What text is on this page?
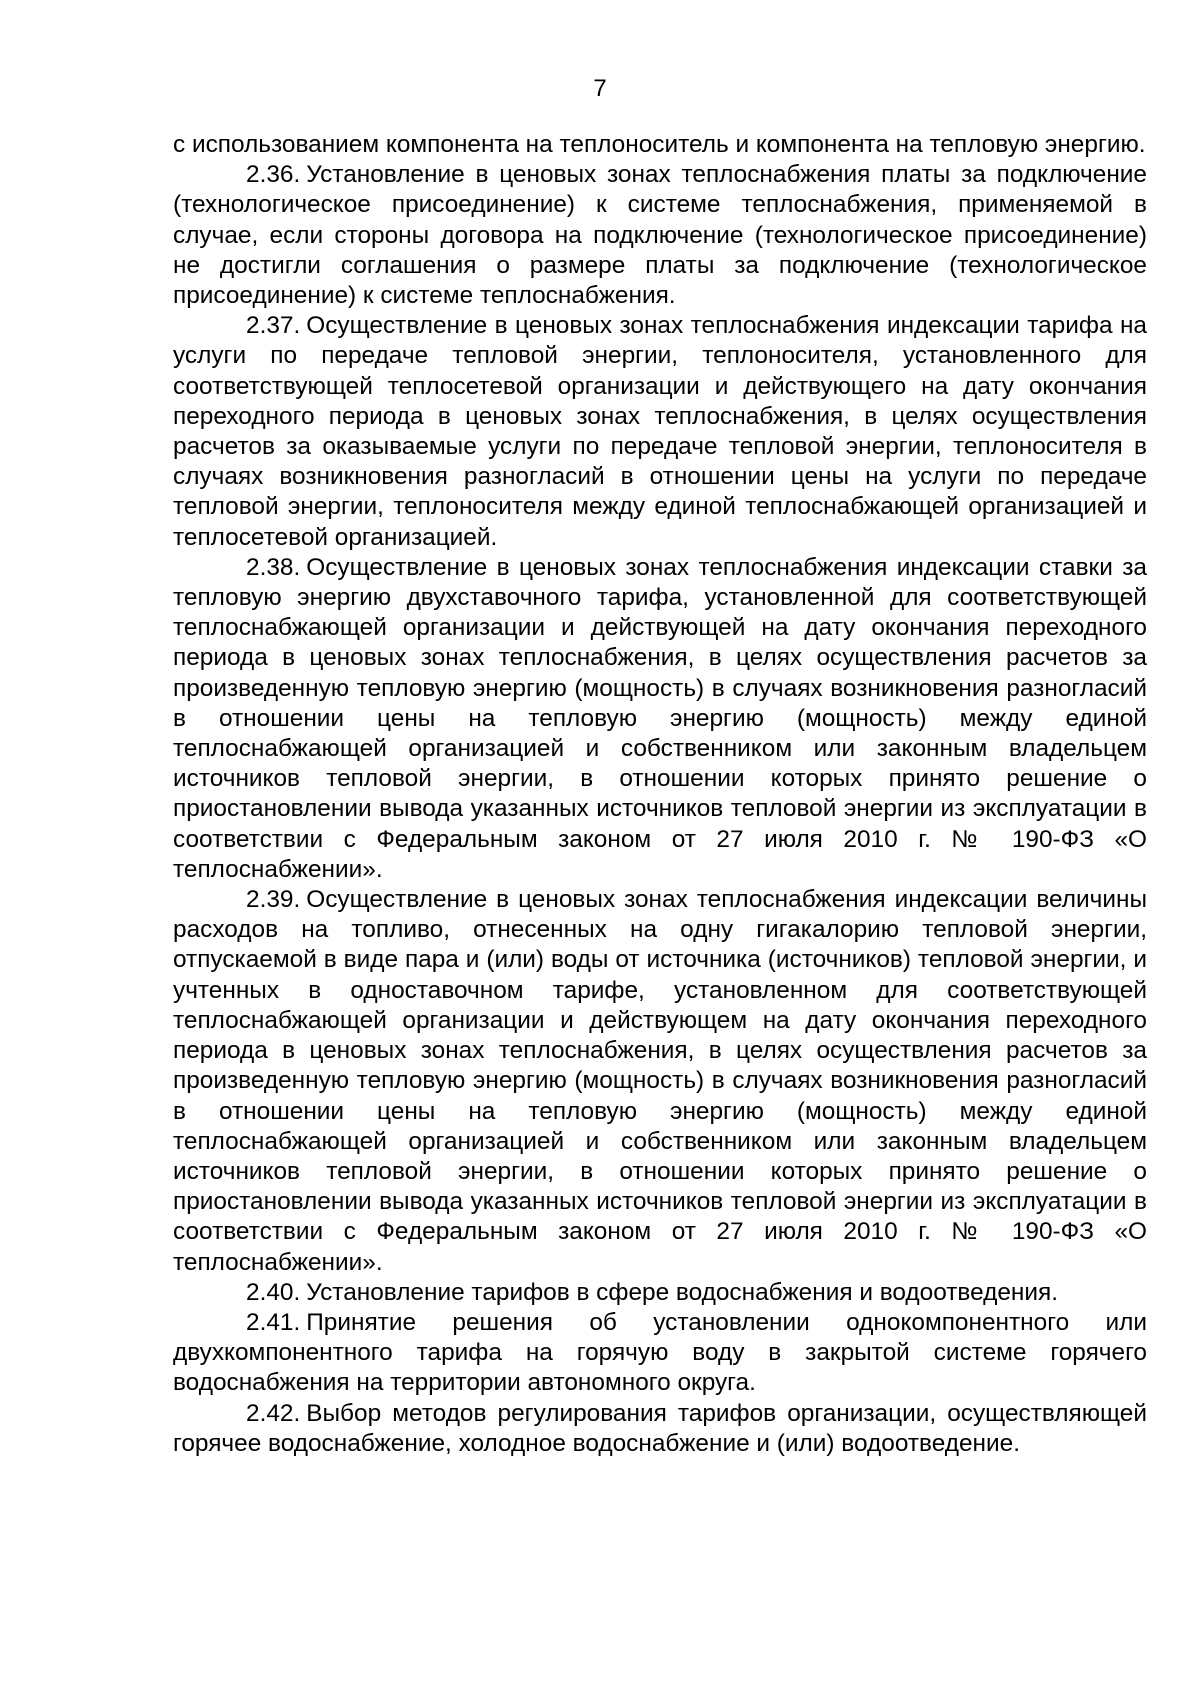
7

с использованием компонента на теплоноситель и компонента на тепловую энергию.

2.36. Установление в ценовых зонах теплоснабжения платы за подключение (технологическое присоединение) к системе теплоснабжения, применяемой в случае, если стороны договора на подключение (технологическое присоединение) не достигли соглашения о размере платы за подключение (технологическое присоединение) к системе теплоснабжения.

2.37. Осуществление в ценовых зонах теплоснабжения индексации тарифа на услуги по передаче тепловой энергии, теплоносителя, установленного для соответствующей теплосетевой организации и действующего на дату окончания переходного периода в ценовых зонах теплоснабжения, в целях осуществления расчетов за оказываемые услуги по передаче тепловой энергии, теплоносителя в случаях возникновения разногласий в отношении цены на услуги по передаче тепловой энергии, теплоносителя между единой теплоснабжающей организацией и теплосетевой организацией.

2.38. Осуществление в ценовых зонах теплоснабжения индексации ставки за тепловую энергию двухставочного тарифа, установленной для соответствующей теплоснабжающей организации и действующей на дату окончания переходного периода в ценовых зонах теплоснабжения, в целях осуществления расчетов за произведенную тепловую энергию (мощность) в случаях возникновения разногласий в отношении цены на тепловую энергию (мощность) между единой теплоснабжающей организацией и собственником или законным владельцем источников тепловой энергии, в отношении которых принято решение о приостановлении вывода указанных источников тепловой энергии из эксплуатации в соответствии с Федеральным законом от 27 июля 2010 г. № 190-ФЗ «О теплоснабжении».

2.39. Осуществление в ценовых зонах теплоснабжения индексации величины расходов на топливо, отнесенных на одну гигакалорию тепловой энергии, отпускаемой в виде пара и (или) воды от источника (источников) тепловой энергии, и учтенных в одноставочном тарифе, установленном для соответствующей теплоснабжающей организации и действующем на дату окончания переходного периода в ценовых зонах теплоснабжения, в целях осуществления расчетов за произведенную тепловую энергию (мощность) в случаях возникновения разногласий в отношении цены на тепловую энергию (мощность) между единой теплоснабжающей организацией и собственником или законным владельцем источников тепловой энергии, в отношении которых принято решение о приостановлении вывода указанных источников тепловой энергии из эксплуатации в соответствии с Федеральным законом от 27 июля 2010 г. № 190-ФЗ «О теплоснабжении».

2.40. Установление тарифов в сфере водоснабжения и водоотведения.

2.41. Принятие решения об установлении однокомпонентного или двухкомпонентного тарифа на горячую воду в закрытой системе горячего водоснабжения на территории автономного округа.

2.42. Выбор методов регулирования тарифов организации, осуществляющей горячее водоснабжение, холодное водоснабжение и (или) водоотведение.
